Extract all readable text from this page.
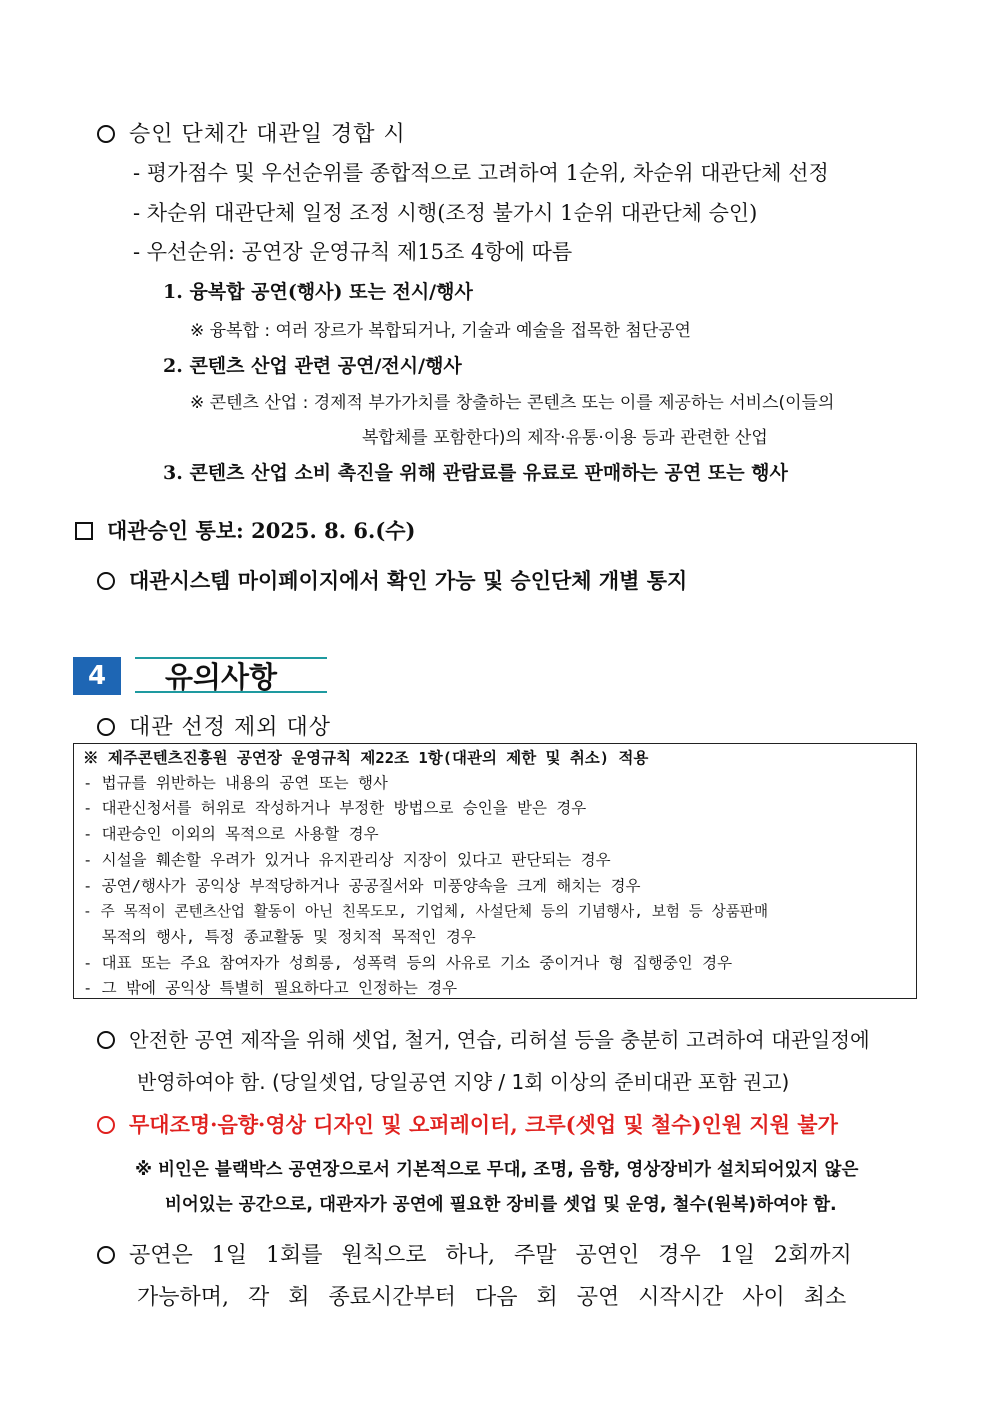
승인 단체간 대관일 경합 시
- 평가점수 및 우선순위를 종합적으로 고려하여 1순위, 차순위 대관단체 선정
- 차순위 대관단체 일정 조정 시행(조정 불가시 1순위 대관단체 승인)
- 우선순위: 공연장 운영규칙 제15조 4항에 따름
1. 융복합 공연(행사) 또는 전시/행사
※ 융복합 : 여러 장르가 복합되거나, 기술과 예술을 접목한 첨단공연
2. 콘텐츠 산업 관련 공연/전시/행사
※ 콘텐츠 산업 : 경제적 부가가치를 창출하는 콘텐츠 또는 이를 제공하는 서비스(이들의
복합체를 포함한다)의 제작·유통·이용 등과 관련한 산업
3. 콘텐츠 산업 소비 촉진을 위해 관람료를 유료로 판매하는 공연 또는 행사
대관승인 통보: 2025. 8. 6.(수)
대관시스템 마이페이지에서 확인 가능 및 승인단체 개별 통지
4	유의사항
대관 선정 제외 대상
※ 제주콘텐츠진흥원 공연장 운영규칙 제22조 1항(대관의 제한 및 취소) 적용
- 법규를 위반하는 내용의 공연 또는 행사
- 대관신청서를 허위로 작성하거나 부정한 방법으로 승인을 받은 경우
- 대관승인 이외의 목적으로 사용할 경우
- 시설을 훼손할 우려가 있거나 유지관리상 지장이 있다고 판단되는 경우
- 공연/행사가 공익상 부적당하거나 공공질서와 미풍양속을 크게 해치는 경우
- 주 목적이 콘텐츠산업 활동이 아닌 친목도모, 기업체, 사설단체 등의 기념행사, 보험 등 상품판매
목적의 행사, 특정 종교활동 및 정치적 목적인 경우
- 대표 또는 주요 참여자가 성희롱, 성폭력 등의 사유로 기소 중이거나 형 집행중인 경우
- 그 밖에 공익상 특별히 필요하다고 인정하는 경우
안전한 공연 제작을 위해 셋업, 철거, 연습, 리허설 등을 충분히 고려하여 대관일정에
반영하여야 함. (당일셋업, 당일공연 지양 / 1회 이상의 준비대관 포함 권고)
무대조명·음향·영상 디자인 및 오퍼레이터, 크루(셋업 및 철수)인원 지원 불가
※ 비인은 블랙박스 공연장으로서 기본적으로 무대, 조명, 음향, 영상장비가 설치되어있지 않은
비어있는 공간으로, 대관자가 공연에 필요한 장비를 셋업 및 운영, 철수(원복)하여야 함.
공연은 1일 1회를 원칙으로 하나, 주말 공연인 경우 1일 2회까지
가능하며, 각 회 종료시간부터 다음 회 공연 시작시간 사이 최소
